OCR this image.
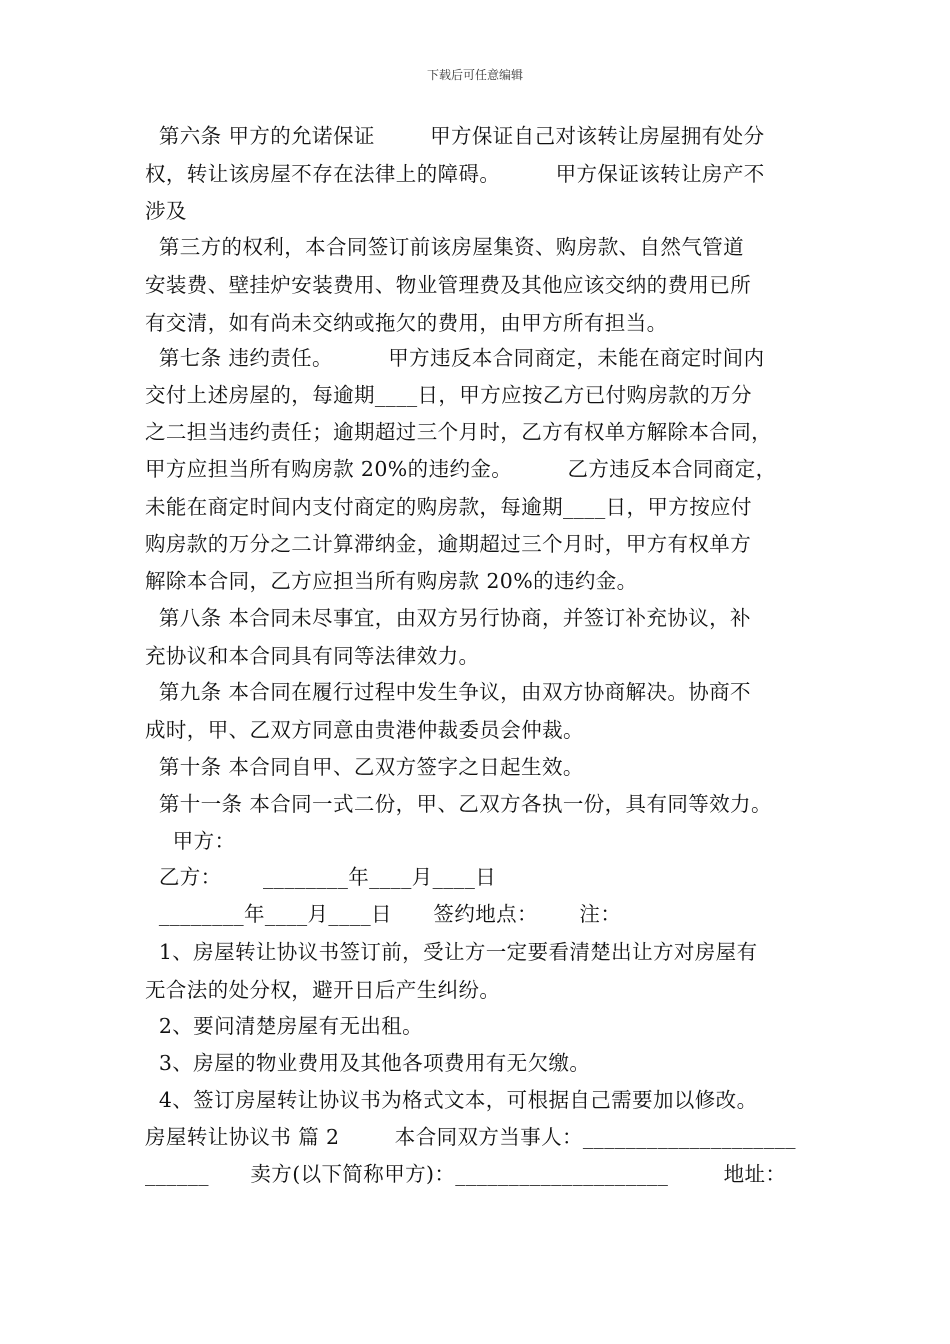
下载后可任意编辑
第六条 甲方的允诺保证        甲方保证自己对该转让房屋拥有处分
权，转让该房屋不存在法律上的障碍。        甲方保证该转让房产不
涉及
第三方的权利，本合同签订前该房屋集资、购房款、自然气管道
安装费、壁挂炉安装费用、物业管理费及其他应该交纳的费用已所
有交清，如有尚未交纳或拖欠的费用，由甲方所有担当。
第七条 违约责任。        甲方违反本合同商定，未能在商定时间内
交付上述房屋的，每逾期____日，甲方应按乙方已付购房款的万分
之二担当违约责任；逾期超过三个月时，乙方有权单方解除本合同，
甲方应担当所有购房款 20%的违约金。        乙方违反本合同商定，
未能在商定时间内支付商定的购房款，每逾期____日，甲方按应付
购房款的万分之二计算滞纳金，逾期超过三个月时，甲方有权单方
解除本合同，乙方应担当所有购房款 20%的违约金。
第八条 本合同未尽事宜，由双方另行协商，并签订补充协议，补
充协议和本合同具有同等法律效力。
第九条 本合同在履行过程中发生争议，由双方协商解决。协商不
成时，甲、乙双方同意由贵港仲裁委员会仲裁。
第十条 本合同自甲、乙双方签字之日起生效。
第十一条 本合同一式二份，甲、乙双方各执一份，具有同等效力。
甲方：
乙方：      ________年____月____日
________年____月____日      签约地点：      注：
1、房屋转让协议书签订前，受让方一定要看清楚出让方对房屋有
无合法的处分权，避开日后产生纠纷。
2、要问清楚房屋有无出租。
3、房屋的物业费用及其他各项费用有无欠缴。
4、签订房屋转让协议书为格式文本，可根据自己需要加以修改。
房屋转让协议书 篇 2        本合同双方当事人：____________________
______      卖方(以下简称甲方)：____________________        地址：
